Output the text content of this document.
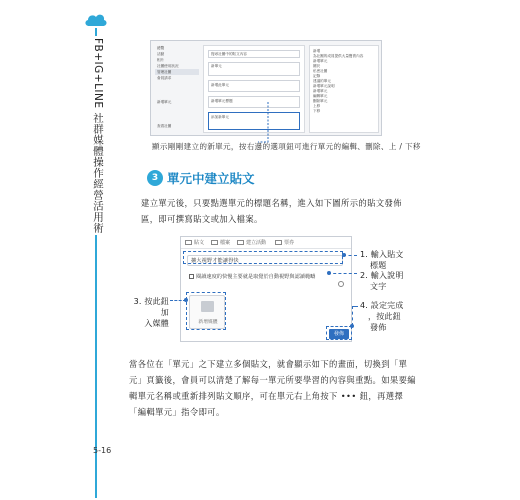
FB+IG+LINE 社群媒體操作經營活用術	總覽
活動
相片
社團使用狀況
管理社團
會員請求
新增單元
查看社團
搜尋社團中的貼文內容
新單元
新增此單元
新增單元標題
添加新單元
新增
為社團的成員提供大量寶貴內容
新增單元
關於
私密社團
記錄
建議的單元
新增單元說明
新增單元
編輯單元
刪除單元
上移
下移
顯示剛剛建立的新單元，按右邊的選項鈕可進行單元的編輯、刪除、上 / 下移
3 單元中建立貼文
建立單元後，只要點選單元的標題名稱，進入如下圖所示的貼文發佈區，即可撰寫貼文或加入檔案。
貼文	檔案	建立活動	票券
擴大視野才能讓得快
閱讀速度的快慢主要就是取覺於自動視野與認讀範疇
新增媒體
發佈
1. 輸入貼文
標題
2. 輸入說明
文字
3. 按此鈕加
入媒體
4. 設定完成
，按此鈕
發佈
當各位在「單元」之下建立多個貼文，就會顯示如下的畫面，切換到「單元」頁籤後，會員可以清楚了解每一單元所要學習的內容與重點。如果要編輯單元名稱或重新排列貼文順序，可在單元右上角按下 ••• 鈕，再選擇「編輯單元」指令即可。
5-16
